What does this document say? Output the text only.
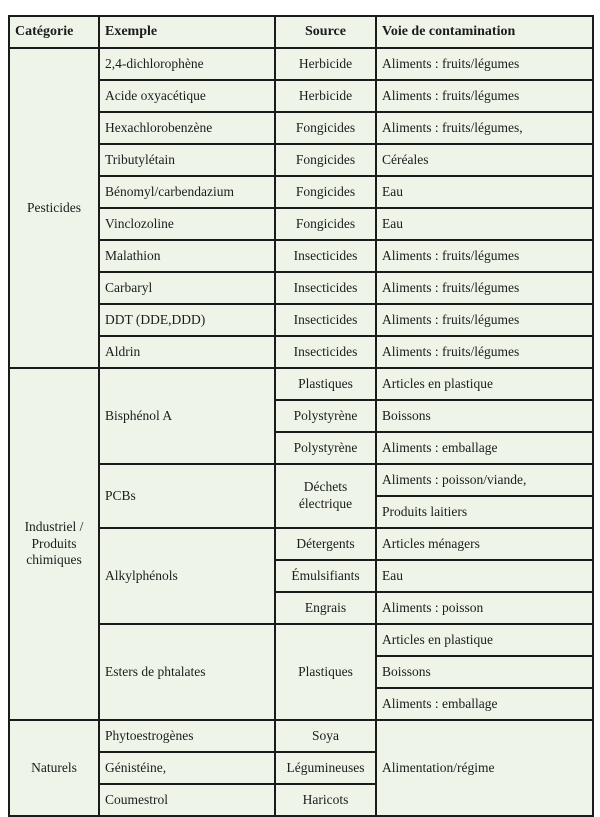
Catégorie	Exemple	Source	Voie de contamination
Pesticides	2,4-dichlorophène	Herbicide	Aliments : fruits/légumes
	Acide oxyacétique	Herbicide	Aliments : fruits/légumes
	Hexachlorobenzène	Fongicides	Aliments : fruits/légumes,
	Tributylétain	Fongicides	Céréales
	Bénomyl/carbendazium	Fongicides	Eau
	Vinclozoline	Fongicides	Eau
	Malathion	Insecticides	Aliments : fruits/légumes
	Carbaryl	Insecticides	Aliments : fruits/légumes
	DDT (DDE,DDD)	Insecticides	Aliments : fruits/légumes
	Aldrin	Insecticides	Aliments : fruits/légumes
Industriel / Produits chimiques	Bisphénol A	Plastiques	Articles en plastique
		Polystyrène	Boissons
		Polystyrène	Aliments : emballage
	PCBs	Déchets électrique	Aliments : poisson/viande,
			Produits laitiers
	Alkylphénols	Détergents	Articles ménagers
		Émulsifiants	Eau
		Engrais	Aliments : poisson
	Esters de phtalates	Plastiques	Articles en plastique
			Boissons
			Aliments : emballage
Naturels	Phytoestrogènes	Soya	Alimentation/régime
	Génistéine,	Légumineuses	
	Coumestrol	Haricots	
